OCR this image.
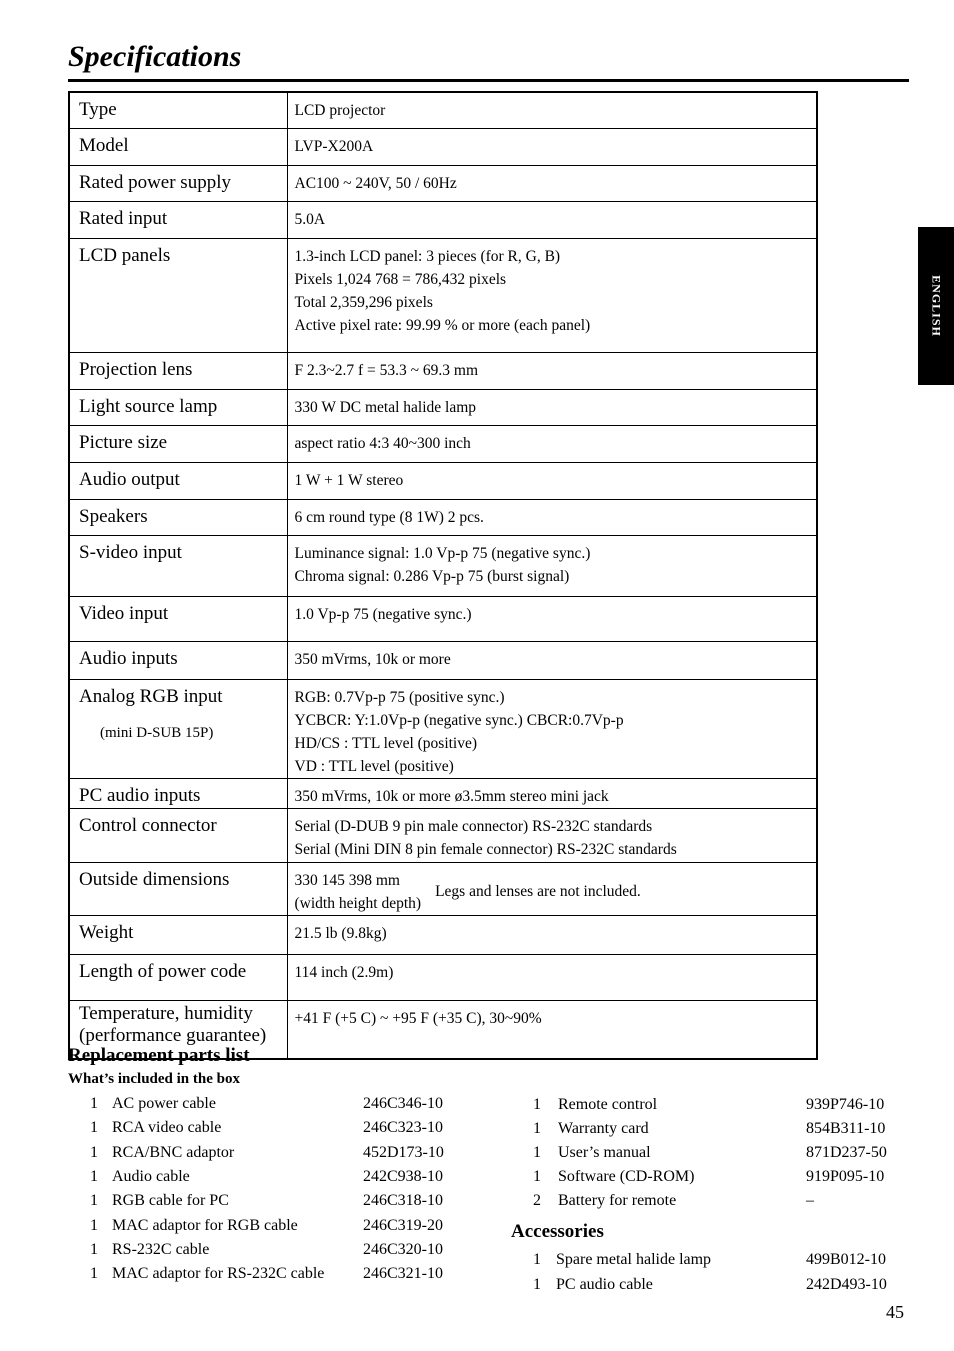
Specifications
ENGLISH
Type	LCD projector

Model	LVP-X200A

Rated power supply	AC100 ~ 240V, 50 / 60Hz

Rated input	5.0A

LCD panels	1.3-inch LCD panel: 3 pieces (for R, G, B)
Pixels 1,024 768 = 786,432 pixels
Total 2,359,296 pixels
Active pixel rate: 99.99 % or more (each panel)

Projection lens	F 2.3~2.7 f = 53.3 ~ 69.3 mm

Light source lamp	330 W DC metal halide lamp

Picture size	aspect ratio 4:3 40~300 inch

Audio output	1 W + 1 W stereo

Speakers	6 cm round type (8 1W) 2 pcs.

S-video input	Luminance signal: 1.0 Vp-p 75 (negative sync.)
Chroma signal: 0.286 Vp-p 75 (burst signal)

Video input	1.0 Vp-p 75 (negative sync.)

Audio inputs	350 mVrms, 10k or more

Analog RGB input
(mini D-SUB 15P)	RGB: 0.7Vp-p 75 (positive sync.)
YCBCR: Y:1.0Vp-p (negative sync.) CBCR:0.7Vp-p
HD/CS : TTL level (positive)
VD : TTL level (positive)

PC audio inputs	350 mVrms, 10k or more ø3.5mm stereo mini jack

Control connector	Serial (D-DUB 9 pin male connector) RS-232C standards
Serial (Mini DIN 8 pin female connector) RS-232C standards

Outside dimensions	330 145 398 mm
(width height depth)
Legs and lenses are not included.

Weight	21.5 lb (9.8kg)

Length of power code	114 inch (2.9m)

Temperature, humidity
(performance guarantee)	+41 F (+5 C) ~ +95 F (+35 C), 30~90%
Replacement parts list
What’s included in the box
1 AC power cable	246C346-10
1 RCA video cable	246C323-10
1 RCA/BNC adaptor	452D173-10
1 Audio cable	242C938-10
1 RGB cable for PC	246C318-10
1 MAC adaptor for RGB cable	246C319-20
1 RS-232C cable	246C320-10
1 MAC adaptor for RS-232C cable 246C321-10
1 Remote control	939P746-10
1 Warranty card	854B311-10
1 User’s manual	871D237-50
1 Software (CD-ROM)	919P095-10
2 Battery for remote	–
Accessories
1 Spare metal halide lamp	499B012-10
1 PC audio cable	242D493-10
45
